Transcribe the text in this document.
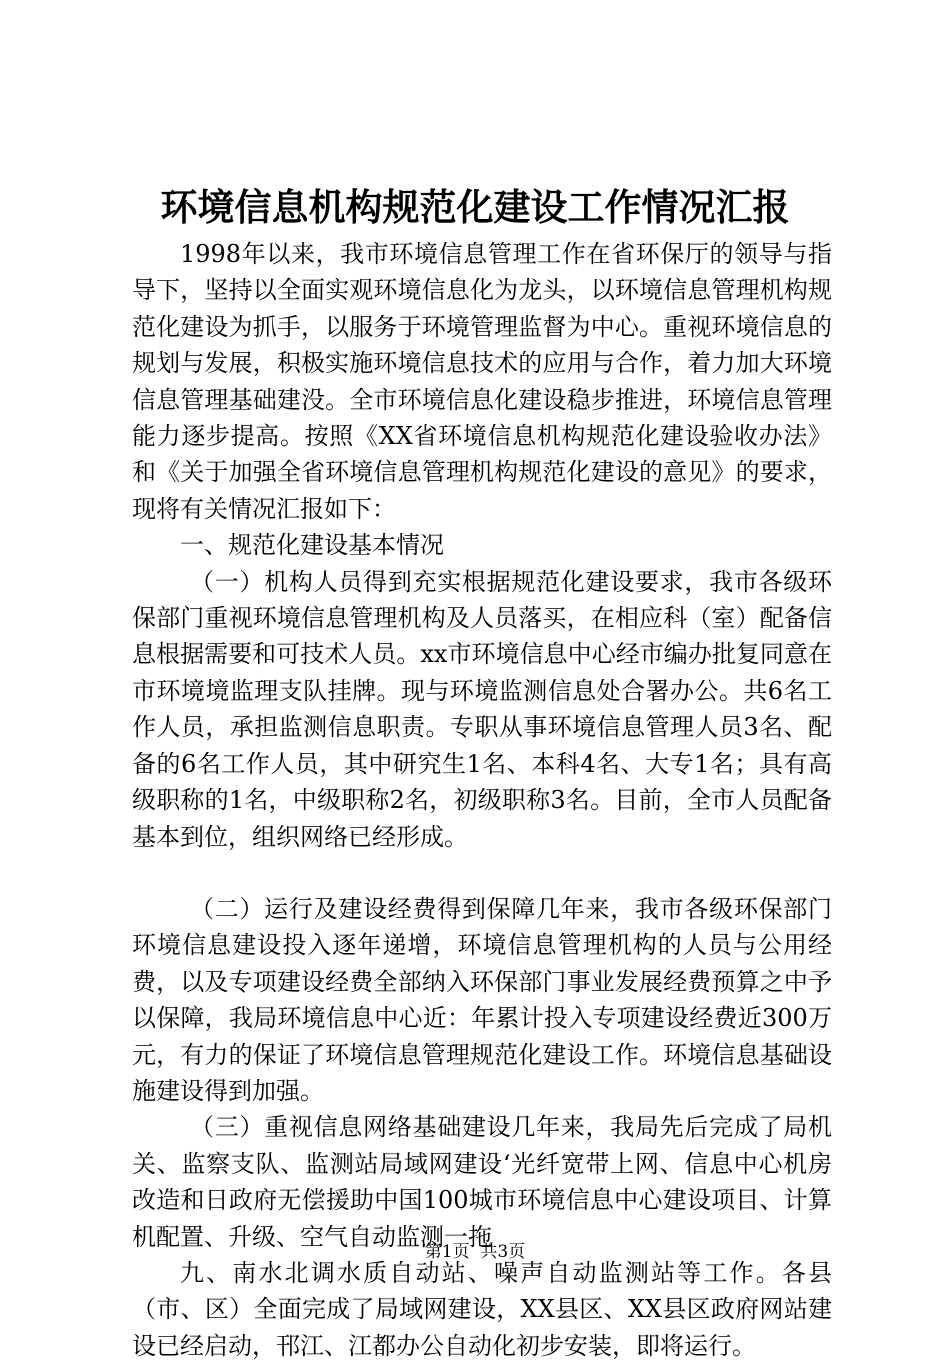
环境信息机构规范化建设工作情况汇报

1998年以来，我市环境信息管理工作在省环保厅的领导与指导下，坚持以全面实观环境信息化为龙头，以环境信息管理机构规范化建设为抓手，以服务于环境管理监督为中心。重视环境信息的规划与发展，积极实施环境信息技术的应用与合作，着力加大环境信息管理基础建没。全市环境信息化建设稳步推进，环境信息管理能力逐步提高。按照《XX省环境信息机构规范化建设验收办法》和《关于加强全省环境信息管理机构规范化建设的意见》的要求，现将有关情况汇报如下：

一、规范化建设基本情况

（一）机构人员得到充实根据规范化建设要求，我市各级环保部门重视环境信息管理机构及人员落买，在相应科（室）配备信息根据需要和可技术人员。xx市环境信息中心经市编办批复同意在市环境境监理支队挂牌。现与环境监测信息处合署办公。共6名工作人员，承担监测信息职责。专职从事环境信息管理人员3名、配备的6名工作人员，其中研究生1名、本科4名、大专1名；具有高级职称的1名，中级职称2名，初级职称3名。目前，全市人员配备基本到位，组织网络已经形成。

（二）运行及建设经费得到保障几年来，我市各级环保部门环境信息建设投入逐年递增，环境信息管理机构的人员与公用经费，以及专项建设经费全部纳入环保部门事业发展经费预算之中予以保障，我局环境信息中心近：年累计投入专项建设经费近300万元，有力的保证了环境信息管理规范化建设工作。环境信息基础设施建设得到加强。

（三）重视信息网络基础建设几年来，我局先后完成了局机关、监察支队、监测站局域网建设‘光纤宽带上网、信息中心机房改造和日政府无偿援助中国100城市环境信息中心建设项目、计算机配置、升级、空气自动监测一拖

九、南水北调水质自动站、噪声自动监测站等工作。各县（市、区）全面完成了局域网建设，XX县区、XX县区政府网站建设已经启动，邗江、江都办公自动化初步安装，即将运行。

第1页  共3页
